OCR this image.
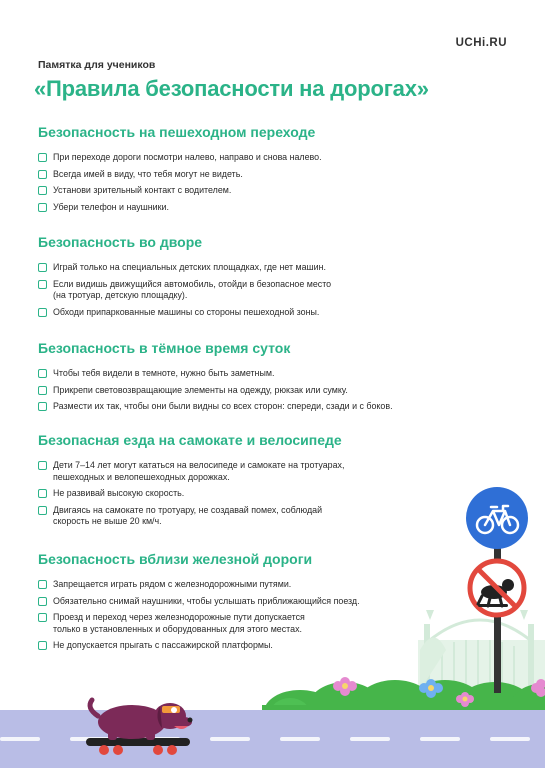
UCHi.RU
Памятка для учеников
«Правила безопасности на дорогах»
Безопасность на пешеходном переходе
При переходе дороги посмотри налево, направо и снова налево.
Всегда имей в виду, что тебя могут не видеть.
Установи зрительный контакт с водителем.
Убери телефон и наушники.
Безопасность во дворе
Играй только на специальных детских площадках, где нет машин.
Если видишь движущийся автомобиль, отойди в безопасное место
(на тротуар, детскую площадку).
Обходи припаркованные машины со стороны пешеходной зоны.
Безопасность в тёмное время суток
Чтобы тебя видели в темноте, нужно быть заметным.
Прикрепи световозвращающие элементы на одежду, рюкзак или сумку.
Размести их так, чтобы они были видны со всех сторон: спереди, сзади и с боков.
Безопасная езда на самокате и велосипеде
Дети 7–14 лет могут кататься на велосипеде и самокате на тротуарах,
пешеходных и велопешеходных дорожках.
Не развивай высокую скорость.
Двигаясь на самокате по тротуару, не создавай помех, соблюдай
скорость не выше 20 км/ч.
Безопасность вблизи железной дороги
Запрещается играть рядом с железнодорожными путями.
Обязательно снимай наушники, чтобы услышать приближающийся поезд.
Проезд и переход через железнодорожные пути допускается
только в установленных и оборудованных для этого местах.
Не допускается прыгать с пассажирской платформы.
